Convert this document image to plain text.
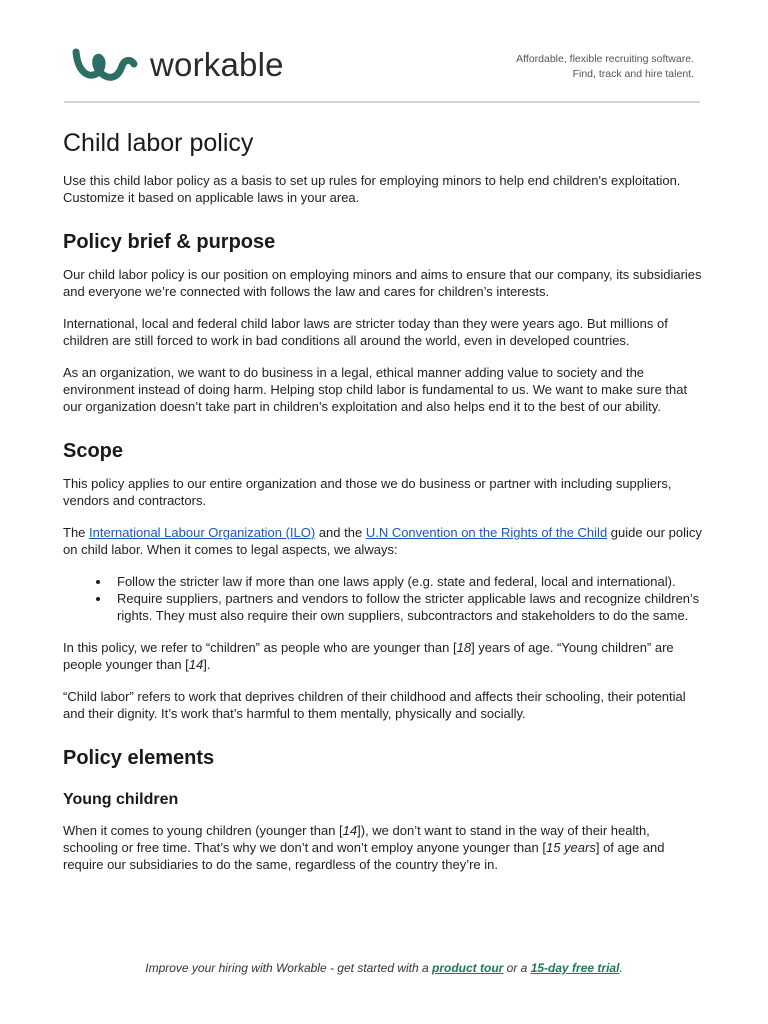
workable	Affordable, flexible recruiting software.
Find, track and hire talent.
Child labor policy

Use this child labor policy as a basis to set up rules for employing minors to help end children's exploitation. Customize it based on applicable laws in your area.

Policy brief & purpose

Our child labor policy is our position on employing minors and aims to ensure that our company, its subsidiaries and everyone we’re connected with follows the law and cares for children’s interests.

International, local and federal child labor laws are stricter today than they were years ago. But millions of children are still forced to work in bad conditions all around the world, even in developed countries.

As an organization, we want to do business in a legal, ethical manner adding value to society and the environment instead of doing harm. Helping stop child labor is fundamental to us. We want to make sure that our organization doesn’t take part in children’s exploitation and also helps end it to the best of our ability.

Scope

This policy applies to our entire organization and those we do business or partner with including suppliers, vendors and contractors.

The International Labour Organization (ILO) and the U.N Convention on the Rights of the Child guide our policy on child labor. When it comes to legal aspects, we always:

• Follow the stricter law if more than one laws apply (e.g. state and federal, local and international).
• Require suppliers, partners and vendors to follow the stricter applicable laws and recognize children’s rights. They must also require their own suppliers, subcontractors and stakeholders to do the same.

In this policy, we refer to “children” as people who are younger than [18] years of age. “Young children” are people younger than [14].

“Child labor” refers to work that deprives children of their childhood and affects their schooling, their potential and their dignity. It’s work that’s harmful to them mentally, physically and socially.

Policy elements
Young children

When it comes to young children (younger than [14]), we don’t want to stand in the way of their health, schooling or free time. That’s why we don’t and won’t employ anyone younger than [15 years] of age and require our subsidiaries to do the same, regardless of the country they’re in.

Improve your hiring with Workable - get started with a product tour or a 15-day free trial.
